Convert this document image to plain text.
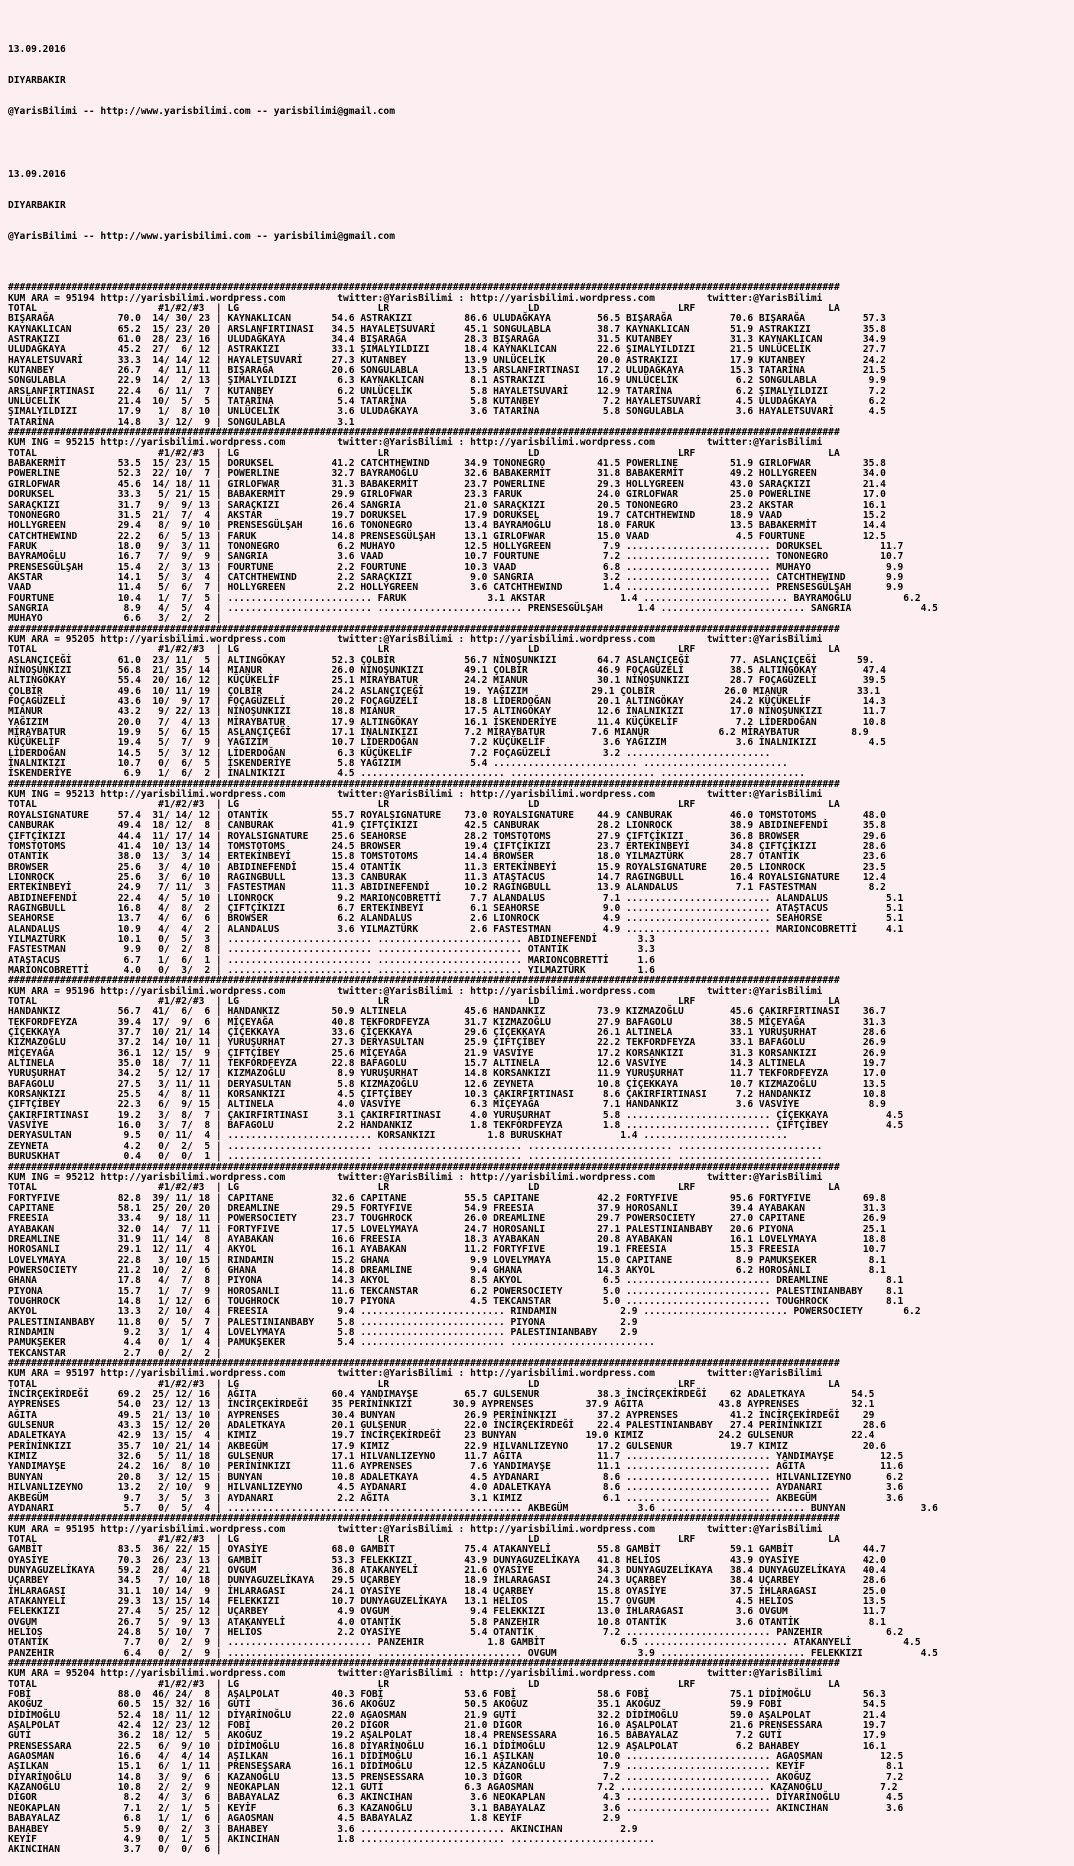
13.09.2016

DIYARBAKIR

@YarisBilimi -- http://www.yarisbilimi.com -- yarisbilimi@gmail.com

13.09.2016

DIYARBAKIR

@YarisBilimi -- http://www.yarisbilimi.com -- yarisbilimi@gmail.com

################################################################################################################################################
KUM ARA = 95194 http://yarisbilimi.wordpress.com         twitter:@YarisBilimi : http://yarisbilimi.wordpress.com         twitter:@YarisBilimi
TOTAL                     #1/#2/#3  | LG                        LR                        LD                        LRF                       LA
BIŞARAĞA           70.0  14/ 30/ 23 | KAYNAKLICAN       54.6 ASTRAKIZI         86.6 ULUDAĞKAYA        56.5 BIŞARAĞA          70.6 BIŞARAĞA          57.3
KAYNAKLICAN        65.2  15/ 23/ 20 | ARSLANFIRTINASI   34.5 HAYALETSUVARİ     45.1 SONGULABLA        38.7 KAYNAKLICAN       51.9 ASTRAKIZI         35.8
ASTRAKIZI          61.0  28/ 23/ 16 | ULUDAĞKAYA        34.4 BIŞARAĞA          28.3 BIŞARAĞA          31.5 KUTANBEY          31.3 KAYNAKLICAN       34.9
ULUDAĞKAYA         45.2  27/  6/ 12 | ASTRAKIZI         33.1 ŞIMALYILDIZI      18.4 KAYNAKLICAN       22.6 ŞIMALYILDIZI      21.5 UNLÜCELİK         27.7
HAYALETSUVARİ      33.3  14/ 14/ 12 | HAYALETSUVARİ     27.3 KUTANBEY          13.9 UNLÜCELİK         20.0 ASTRAKIZI         17.9 KUTANBEY          24.2
KUTANBEY           26.7   4/ 11/ 11 | BIŞARAĞA          20.6 SONGULABLA        13.5 ARSLANFIRTINASI   17.2 ULUDAĞKAYA        15.3 TATARİNA          21.5
SONGULABLA         22.9  14/  2/ 13 | ŞIMALYILDIZI       6.3 KAYNAKLICAN        8.1 ASTRAKIZI         16.9 UNLÜCELİK          6.2 SONGULABLA         9.9
ARSLANFIRTINASI    22.4   6/ 11/  7 | KUTANBEY           6.2 UNLÜCELİK          5.8 HAYALETSUVARİ     12.9 TATARİNA           6.2 ŞIMALYILDIZI       7.2
UNLÜCELİK          21.4  10/  5/  5 | TATARİNA           5.4 TATARİNA           5.8 KUTANBEY           7.2 HAYALETSUVARİ      4.5 ULUDAĞKAYA         6.2
ŞIMALYILDIZI       17.9   1/  8/ 10 | UNLÜCELİK          3.6 ULUDAĞKAYA         3.6 TATARİNA           5.8 SONGULABLA         3.6 HAYALETSUVARİ      4.5
TATARİNA           14.8   3/ 12/  9 | SONGULABLA         3.1
################################################################################################################################################
KUM ING = 95215 http://yarisbilimi.wordpress.com         twitter:@YarisBilimi : http://yarisbilimi.wordpress.com         twitter:@YarisBilimi
TOTAL                     #1/#2/#3  | LG                        LR                        LD                        LRF                       LA
BABAKERMİT         53.5  15/ 23/ 15 | DORUKSEL          41.2 CATCHTHEWIND      34.9 TONONEGRO         41.5 POWERLINE         51.9 GIRLOFWAR         35.8
POWERLINE          52.3  22/ 10/  7 | POWERLINE         32.7 BAYRAMOĞLU        32.6 BABAKERMİT        31.8 BABAKERMİT        49.2 HOLLYGREEN        34.0
GIRLOFWAR          45.6  14/ 18/ 11 | GIRLOFWAR         31.3 BABAKERMİT        23.7 POWERLINE         29.3 HOLLYGREEN        43.0 SARAÇKIZI         21.4
DORUKSEL           33.3   5/ 21/ 15 | BABAKERMİT        29.9 GIRLOFWAR         23.3 FARUK             24.0 GIRLOFWAR         25.0 POWERLINE         17.0
SARAÇKIZI          31.7   9/  9/ 13 | SARAÇKIZI         26.4 SANGRIA           21.0 SARAÇKIZI         20.5 TONONEGRO         23.2 AKSTAR            16.1
TONONEGRO          31.5  21/  7/  4 | AKSTAR            19.7 DORUKSEL          17.9 DORUKSEL          19.7 CATCHTHEWIND      18.9 VAAD              15.2
HOLLYGREEN         29.4   8/  9/ 10 | PRENSESGÜLŞAH     16.6 TONONEGRO         13.4 BAYRAMOĞLU        18.0 FARUK             13.5 BABAKERMİT        14.4
CATCHTHEWIND       22.2   6/  5/ 13 | FARUK             14.8 PRENSESGÜLŞAH     13.1 GIRLOFWAR         15.0 VAAD               4.5 FOURTUNE          12.5
FARUK              18.0   9/  3/ 11 | TONONEGRO          6.2 MUHAYO            12.5 HOLLYGREEN         7.9 ......................... DORUKSEL          11.7
BAYRAMOĞLU         16.7   7/  9/  9 | SANGRIA            3.6 VAAD              10.7 FOURTUNE           7.2 ......................... TONONEGRO         10.7
PRENSESGÜLŞAH      15.4   2/  3/ 13 | FOURTUNE           2.2 FOURTUNE          10.3 VAAD               6.8 ......................... MUHAYO             9.9
AKSTAR             14.1   5/  3/  4 | CATCHTHEWIND       2.2 SARAÇKIZI          9.0 SANGRIA            3.2 ......................... CATCHTHEWIND       9.9
VAAD               11.4   5/  6/  7 | HOLLYGREEN         2.2 HOLLYGREEN         3.6 CATCHTHEWIND       1.4 ......................... PRENSESGÜLŞAH      9.9
FOURTUNE           10.4   1/  7/  5 | ......................... FARUK              3.1 AKSTAR             1.4 ......................... BAYRAMOĞLU         6.2
SANGRIA             8.9   4/  5/  4 | ......................... ......................... PRENSESGÜLŞAH      1.4 ......................... SANGRIA            4.5
MUHAYO              6.6   3/  2/  2 |
################################################################################################################################################
KUM ARA = 95205 http://yarisbilimi.wordpress.com         twitter:@YarisBilimi : http://yarisbilimi.wordpress.com         twitter:@YarisBilimi
TOTAL                     #1/#2/#3  | LG                        LR                        LD                        LRF                       LA
ASLANÇIÇEĞİ        61.0  23/ 11/  5 | ALTINGÖKAY        52.3 ÇOLBİR            56.7 NİNOŞUNKIZI       64.7 ASLANÇIÇEĞİ       77. ASLANÇIÇEĞİ       59.
NİNOŞUNKIZI        56.8  21/ 35/ 14 | MIANUR            26.0 NİNOŞUNKIZI       49.1 ÇOLBİR            46.9 FOÇAGÜZELİ        38.5 ALTINGÖKAY        47.4
ALTINGÖKAY         55.4  20/ 16/ 12 | KÜÇÜKELİF         25.1 MİRAYBATUR        24.2 MIANUR            30.1 NİNOŞUNKIZI       28.7 FOÇAGÜZELİ        39.5
ÇOLBİR             49.6  10/ 11/ 19 | ÇOLBİR            24.2 ASLANÇIÇEĞİ       19. YAĞIZIM           29.1 ÇOLBİR            26.0 MIANUR            33.1
FOÇAGÜZELİ         43.6  10/  9/ 17 | FOÇAGÜZELİ        20.2 FOÇAGÜZELİ        18.8 LİDERDOĞAN        20.1 ALTINGÖKAY        24.2 KÜÇÜKELİF         14.3
MIANUR             43.2   9/ 22/ 13 | NİNOŞUNKIZI       18.8 MIANUR            17.5 ALTINGÖKAY        12.6 İNALNIKIZI        17.0 NİNOŞUNKIZI       11.7
YAĞIZIM            20.0   7/  4/ 13 | MİRAYBATUR        17.9 ALTINGÖKAY        16.1 İSKENDERİYE       11.4 KÜÇÜKELİF          7.2 LİDERDOĞAN        10.8
MİRAYBATUR         19.9   5/  6/ 15 | ASLANÇIÇEĞİ       17.1 İNALNIKIZI        7.2 MİRAYBATUR        7.6 MIANUR            6.2 MİRAYBATUR         8.9
KÜÇÜKELİF          19.4   5/  7/  9 | YAĞIZIM           10.7 LİDERDOĞAN         7.2 KÜÇÜKELİF          3.6 YAĞIZIM            3.6 İNALNIKIZI         4.5
LİDERDOĞAN         14.5   5/  3/ 12 | LİDERDOĞAN         6.3 KÜÇÜKELİF          7.2 FOÇAGÜZELİ         3.2 .........................
İNALNIKIZI         10.7   0/  6/  5 | İSKENDERİYE        5.8 YAĞIZIM            5.4 ......................... .........................
İSKENDERİYE         6.9   1/  6/  2 | İNALNIKIZI         4.5 ......................... ......................... .........................
################################################################################################################################################
KUM ING = 95213 http://yarisbilimi.wordpress.com         twitter:@YarisBilimi : http://yarisbilimi.wordpress.com         twitter:@YarisBilimi
TOTAL                     #1/#2/#3  | LG                        LR                        LD                        LRF                       LA
ROYALSIGNATURE     57.4  31/ 14/ 12 | OTANTİK           55.7 ROYALSIGNATURE    73.0 ROYALSIGNATURE    44.9 CANBURAK          46.0 TOMSTOTOMS        48.0
CANBURAK           49.4  18/ 12/  8 | CANBURAK          41.9 ÇIFTÇİKIZI        42.5 CANBURAK          28.2 LIONROCK          38.9 ABIDINEFENDİ      35.8
ÇIFTÇİKIZI         44.4  11/ 17/ 14 | ROYALSIGNATURE    25.6 SEAHORSE          28.2 TOMSTOTOMS        27.9 ÇIFTÇİKIZI        36.8 BROWSER           29.6
TOMSTOTOMS         41.4  10/ 13/ 14 | TOMSTOTOMS        24.5 BROWSER           19.4 ÇIFTÇİKIZI        23.7 ERTEKİNBEYİ       34.8 ÇIFTÇİKIZI        28.6
OTANTİK            38.0  13/  3/ 14 | ERTEKİNBEYİ       15.8 TOMSTOTOMS        14.4 BROWSER           18.0 YILMAZTÜRK        28.7 OTANTİK           23.6
BROWSER            25.6   3/  4/ 10 | ABIDINEFENDİ      15.4 OTANTİK           11.3 ERTEKİNBEYİ       15.9 ROYALSIGNATURE    20.5 LIONROCK          23.5
LIONROCK           25.6   3/  6/ 10 | RAGINGBULL        13.3 CANBURAK          11.3 ATAŞTACUS         14.7 RAGINGBULL        16.4 ROYALSIGNATURE    12.4
ERTEKİNBEYİ        24.9   7/ 11/  3 | FASTESTMAN        11.3 ABIDINEFENDİ      10.2 RAGINGBULL        13.9 ALANDALUS          7.1 FASTESTMAN         8.2
ABIDINEFENDİ       22.4   4/  5/ 10 | LIONROCK           9.2 MARIONCOBRETTİ     7.7 ALANDALUS          7.1 ......................... ALANDALUS          5.1
RAGINGBULL         16.8   4/  8/  2 | ÇIFTÇİKIZI         6.7 ERTEKİNBEYİ        6.1 SEAHORSE           9.0 ......................... ATAŞTACUS          5.1
SEAHORSE           13.7   4/  6/  6 | BROWSER            6.2 ALANDALUS          2.6 LIONROCK           4.9 ......................... SEAHORSE           5.1
ALANDALUS          10.9   4/  4/  2 | ALANDALUS          3.6 YILMAZTÜRK         2.6 FASTESTMAN         4.9 ......................... MARIONCOBRETTİ     4.1
YILMAZTÜRK         10.1   0/  5/  3 | ......................... ......................... ABIDINEFENDİ       3.3
FASTESTMAN          9.9   0/  2/  8 | ......................... ......................... OTANTİK            3.3
ATAŞTACUS           6.7   1/  6/  1 | ......................... ......................... MARIONCOBRETTİ     1.6
MARIONCOBRETTİ      4.0   0/  3/  2 | ......................... ......................... YILMAZTÜRK         1.6
################################################################################################################################################
KUM ARA = 95196 http://yarisbilimi.wordpress.com         twitter:@YarisBilimi : http://yarisbilimi.wordpress.com         twitter:@YarisBilimi
TOTAL                     #1/#2/#3  | LG                        LR                        LD                        LRF                       LA
HANDANKIZ          56.7  41/  6/  6 | HANDANKIZ         50.9 ALTINELA          45.6 HANDANKIZ         73.9 KIZMAZOĞLU        45.6 ÇAKIRFIRTINASI    36.7
TEKFORDFEYZA       39.4  17/  9/  6 | MİÇEYAĞA          40.8 TEKFORDFEYZA      31.7 KIZMAZOĞLU        27.9 BAFAGOLU          38.5 MİÇEYAĞA          31.3
ÇİÇEKKAYA          37.7  10/ 21/ 14 | ÇİÇEKKAYA         33.6 ÇİÇEKKAYA         29.6 ÇİÇEKKAYA         26.1 ALTINELA          33.1 YURUŞURHAT        28.6
KIZMAZOĞLU         37.2  14/ 10/ 11 | YURUŞURHAT        27.3 DERYASULTAN       25.9 ÇIFTÇİBEY         22.2 TEKFORDFEYZA      33.1 BAFAGOLU          26.9
MİÇEYAĞA           36.1  12/ 15/  9 | ÇIFTÇİBEY         25.6 MİÇEYAĞA          21.9 VASVİYE           17.2 KORSANKIZI        31.3 KORSANKIZI        26.9
ALTINELA           35.0  18/  7/ 11 | TEKFORDFEYZA      22.8 BAFAGOLU          15.7 ALTINELA          12.6 VASVİYE           14.3 ALTINELA          19.7
YURUŞURHAT         34.2   5/ 12/ 17 | KIZMAZOĞLU         8.9 YURUŞURHAT        14.8 KORSANKIZI        11.9 YURUŞURHAT        11.7 TEKFORDFEYZA      17.0
BAFAGOLU           27.5   3/ 11/ 11 | DERYASULTAN        5.8 KIZMAZOĞLU        12.6 ZEYNETA           10.8 ÇİÇEKKAYA         10.7 KIZMAZOĞLU        13.5
KORSANKIZI         25.5   4/  8/ 11 | KORSANKIZI         4.5 ÇIFTÇİBEY         10.3 ÇAKIRFIRTINASI     8.6 ÇAKIRFIRTINASI     7.2 HANDANKIZ         10.8
ÇIFTÇİBEY          22.3   6/  9/ 15 | ALTINELA           4.0 VASVİYE            6.3 MİÇEYAĞA           7.1 HANDANKIZ          3.6 VASVİYE            8.9
ÇAKIRFIRTINASI     19.2   3/  8/  7 | ÇAKIRFIRTINASI     3.1 ÇAKIRFIRTINASI     4.0 YURUŞURHAT         5.8 ......................... ÇİÇEKKAYA          4.5
VASVİYE            16.0   3/  7/  8 | BAFAGOLU           2.2 HANDANKIZ          1.8 TEKFORDFEYZA       1.8 ......................... ÇIFTÇİBEY          4.5
DERYASULTAN         9.5   0/ 11/  4 | ......................... KORSANKIZI         1.8 BURUSKHAT          1.4 .........................
ZEYNETA             4.2   0/  2/  5 | ......................... ......................... ......................... .........................
BURUSKHAT           0.4   0/  0/  1 | ......................... ......................... ......................... .........................
################################################################################################################################################
KUM ING = 95212 http://yarisbilimi.wordpress.com         twitter:@YarisBilimi : http://yarisbilimi.wordpress.com         twitter:@YarisBilimi
TOTAL                     #1/#2/#3  | LG                        LR                        LD                        LRF                       LA
FORTYFIVE          82.8  39/ 11/ 18 | CAPITANE          32.6 CAPITANE          55.5 CAPITANE          42.2 FORTYFIVE         95.6 FORTYFIVE         69.8
CAPITANE           58.1  25/ 20/ 20 | DREAMLINE         29.5 FORTYFIVE         54.9 FREESIA           37.9 HOROSANLI         39.4 AYABAKAN          31.3
FREESIA            33.4   9/ 18/ 11 | POWERSOCIETY      23.7 TOUGHROCK         26.0 DREAMLINE         29.7 POWERSOCIETY      27.0 CAPITANE          26.9
AYABAKAN           32.0  14/  7/ 11 | FORTYFIVE         17.5 LOVELYMAYA        24.7 HOROSANLI         27.1 PALESTINIANBABY   20.6 PIYONA            25.1
DREAMLINE          31.9  11/ 14/  8 | AYABAKAN          16.6 FREESIA           18.3 AYABAKAN          20.8 AYABAKAN          16.1 LOVELYMAYA        18.8
HOROSANLI          29.1  12/ 11/  4 | AKYOL             16.1 AYABAKAN          11.2 FORTYFIVE         19.1 FREESIA           15.3 FREESIA           10.7
LOVELYMAYA         22.8   3/ 10/ 15 | RINDAMIN          15.2 GHANA              9.9 LOVELYMAYA        15.0 CAPITANE           8.9 PAMUKŞEKER         8.1
POWERSOCIETY       21.2  10/  2/  6 | GHANA             14.8 DREAMLINE          9.4 GHANA             14.3 AKYOL              6.2 HOROSANLI          8.1
GHANA              17.8   4/  7/  8 | PIYONA            14.3 AKYOL              8.5 AKYOL              6.5 ......................... DREAMLINE          8.1
PIYONA             15.7   1/  7/  9 | HOROSANLI         11.6 TEKCANSTAR         6.2 POWERSOCIETY       5.0 ......................... PALESTINIANBABY    8.1
TOUGHROCK          14.8   1/ 12/  6 | TOUGHROCK         10.7 PIYONA             4.5 TEKCANSTAR         5.0 ......................... TOUGHROCK          8.1
AKYOL              13.3   2/ 10/  4 | FREESIA            9.4 ......................... RINDAMIN           2.9 ......................... POWERSOCIETY       6.2
PALESTINIANBABY    11.8   0/  5/  7 | PALESTINIANBABY    5.8 ......................... PIYONA             2.9
RINDAMIN            9.2   3/  1/  4 | LOVELYMAYA         5.8 ......................... PALESTINIANBABY    2.9
PAMUKŞEKER          4.4   0/  1/  4 | PAMUKŞEKER         5.4 ......................... .........................
TEKCANSTAR          2.7   0/  2/  2 |
################################################################################################################################################
KUM ARA = 95197 http://yarisbilimi.wordpress.com         twitter:@YarisBilimi : http://yarisbilimi.wordpress.com         twitter:@YarisBilimi
TOTAL                     #1/#2/#3  | LG                        LR                        LD                        LRF                       LA
İNCİRÇEKİRDEĞİ     69.2  25/ 12/ 16 | AĞITA             60.4 YANDIMAYŞE        65.7 GULSENUR          38.3 İNCİRÇEKİRDEĞİ    62 ADALETKAYA        54.5
AYPRENSES          54.0  23/ 12/ 13 | İNCİRÇEKİRDEĞİ    35 PERİNİNKIZI       30.9 AYPRENSES         37.9 AĞITA             43.8 AYPRENSES         32.1
AĞITA              49.5  21/ 13/ 10 | AYPRENSES         30.4 BUNYAN            26.9 PERİNİNKIZI       37.2 AYPRENSES         41.2 İNCİRÇEKİRDEĞİ    29
GULSENUR           43.3  15/ 12/ 20 | ADALETKAYA        20.1 GULSENUR          22.0 İNCİRÇEKİRDEĞİ    22.4 PALESTINIANBABY   27.4 PERİNİNKIZI       28.6
ADALETKAYA         42.9  13/ 15/  4 | KIMIZ             19.7 İNCİRÇEKİRDEĞİ    23 BUNYAN            19.0 KIMIZ             24.2 GULSENUR          22.4
PERİNİNKIZI        35.7  10/ 21/ 14 | AKBEGÜM           17.9 KIMIZ             22.9 HILVANLIZEYNO     17.2 GULSENUR          19.7 KIMIZ             20.6
KIMIZ              32.6   5/ 11/ 18 | GULSENUR          17.1 HILVANLIZEYNO     11.7 AĞITA             11.7 ......................... YANDIMAYŞE        12.5
YANDIMAYŞE         24.2  16/  8/ 10 | PERİNİNKIZI       11.6 AYPRENSES          7.6 YANDIMAYŞE        11.1 ......................... AĞITA             11.6
BUNYAN             20.8   3/ 12/ 15 | BUNYAN            10.8 ADALETKAYA         4.5 AYDANARI           8.6 ......................... HILVANLIZEYNO      6.2
HILVANLIZEYNO      13.2   2/ 10/  9 | HILVANLIZEYNO      4.5 AYDANARI           4.0 ADALETKAYA         8.6 ......................... AYDANARI           3.6
AKBEGÜM             9.7   3/  5/  3 | AYDANARI           2.2 AĞITA              3.1 KIMIZ              6.1 ......................... AKBEGÜM            3.6
AYDANARI            5.7   0/  5/  4 | ......................... ......................... AKBEGÜM            3.6 ......................... BUNYAN             3.6
################################################################################################################################################
KUM ARA = 95195 http://yarisbilimi.wordpress.com         twitter:@YarisBilimi : http://yarisbilimi.wordpress.com         twitter:@YarisBilimi
TOTAL                     #1/#2/#3  | LG                        LR                        LD                        LRF                       LA
GAMBİT             83.5  36/ 22/ 15 | OYASİYE           68.0 GAMBİT            75.4 ATAKANYELİ        55.8 GAMBİT            59.1 GAMBİT            44.7
OYASİYE            70.3  26/ 23/ 13 | GAMBİT            53.3 FELEKKIZI         43.9 DUNYAGUZELİKAYA   41.8 HELİOS            43.9 OYASİYE           42.0
DUNYAGUZELİKAYA    59.2  28/  4/ 21 | OVGUM             36.8 ATAKANYELİ        21.6 OYASİYE           34.3 DUNYAGUZELİKAYA   38.4 DUNYAGUZELİKAYA   40.4
UÇARBEY            34.5   7/ 10/ 18 | DUNYAGUZELİKAYA   29.5 UÇARBEY           18.9 İHLARAGASI        24.3 UÇARBEY           38.4 UÇARBEY           28.6
İHLARAGASI         31.1  10/ 14/  9 | İHLARAGASI        24.1 OYASİYE           18.4 UÇARBEY           15.8 OYASİYE           37.5 İHLARAGASI        25.0
ATAKANYELİ         29.3  13/ 15/ 14 | FELEKKIZI         10.7 DUNYAGUZELİKAYA   13.1 HELİOS            15.7 OVGUM              4.5 HELİOS            13.5
FELEKKIZI          27.4   5/ 25/ 12 | UÇARBEY            4.9 OVGUM              9.4 FELEKKIZI         13.0 İHLARAGASI         3.6 OVGUM             11.7
OVGUM              26.7   5/  9/ 13 | ATAKANYELİ         4.0 OTANTİK            5.8 PANZEHIR          10.8 OTANTİK            3.6 OTANTİK            8.1
HELİOS             24.8   5/ 10/  7 | HELİOS             2.2 OYASİYE            5.4 OTANTİK            7.2 ......................... PANZEHIR           6.2
OTANTİK             7.7   0/  2/  9 | ......................... PANZEHIR           1.8 GAMBİT             6.5 ......................... ATAKANYELİ         4.5
PANZEHIR            6.4   0/  2/  9 | ......................... ......................... OVGUM              3.9 ......................... FELEKKIZI          4.5
################################################################################################################################################
KUM ARA = 95204 http://yarisbilimi.wordpress.com         twitter:@YarisBilimi : http://yarisbilimi.wordpress.com         twitter:@YarisBilimi
TOTAL                     #1/#2/#3  | LG                        LR                        LD                        LRF                       LA
FOBİ               88.0  46/ 24/  8 | AŞALPOLAT         40.3 FOBİ              53.6 FOBİ              58.6 FOBİ              75.1 DİDİMOĞLU         56.3
AKOĞUZ             60.5  15/ 32/ 16 | GUTİ              36.6 AKOĞUZ            50.5 AKOĞUZ            35.1 AKOĞUZ            59.9 FOBİ              54.5
DİDİMOĞLU          52.4  18/ 11/ 12 | DİYARİNOĞLU       22.0 AGAOSMAN          21.9 GUTİ              32.2 DİDİMOĞLU         59.0 AŞALPOLAT         21.4
AŞALPOLAT          42.4  12/ 23/ 12 | FOBİ              20.2 DİGOR             21.0 DİGOR             16.0 AŞALPOLAT         21.6 PRENSESSARA       19.7
GUTİ               36.2  18/ 12/  5 | AKOĞUZ            19.2 AŞALPOLAT         18.4 PRENSESSARA       16.5 BABAYALAZ          7.2 GUTİ              17.9
PRENSESSARA        22.5   6/  9/ 10 | DİDİMOĞLU         16.8 DİYARİNOĞLU       16.1 DİDİMOĞLU         12.9 AŞALPOLAT          6.2 BAHABEY           16.1
AGAOSMAN           16.6   4/  4/ 14 | AŞILKAN           16.1 DİDİMOĞLU         16.1 AŞILKAN           10.0 ......................... AGAOSMAN          12.5
AŞILKAN            15.1   6/  1/ 11 | PRENSEŞSARA       16.1 DİDİMOĞLU         12.5 KAZANOĞLU          7.9 ......................... KEYİF              8.1
DİYARİNOĞLU        14.8   3/  9/  6 | KAZANOĞLU         13.5 PRENSESSARA       10.3 DİGOR              7.2 ......................... AKOĞUZ             7.2
KAZANOĞLU          10.8   2/  2/  9 | NEOKAPLAN         12.1 GUTİ              6.3 AGAOSMAN           7.2 ......................... KAZANOĞLU          7.2
DİGOR               8.2   4/  3/  6 | BABAYALAZ          6.3 AKINCIHAN          3.6 NEOKAPLAN          4.3 ......................... DİYARİNOĞLU        4.5
NEOKAPLAN           7.1   2/  1/  5 | KEYİF              6.3 KAZANOĞLU          3.1 BABAYALAZ          3.6 ......................... AKINCIHAN          3.6
BABAYALAZ           6.8   1/  1/  6 | AGAOSMAN           4.5 BABAYALAZ          1.8 KEYİF              2.9
BAHABEY             5.9   0/  2/  3 | BAHABEY            3.6 ......................... AKINCIHAN          2.9
KEYİF               4.9   0/  1/  5 | AKINCIHAN          1.8 ......................... .........................
AKINCIHAN           3.7   0/  0/  6 |
